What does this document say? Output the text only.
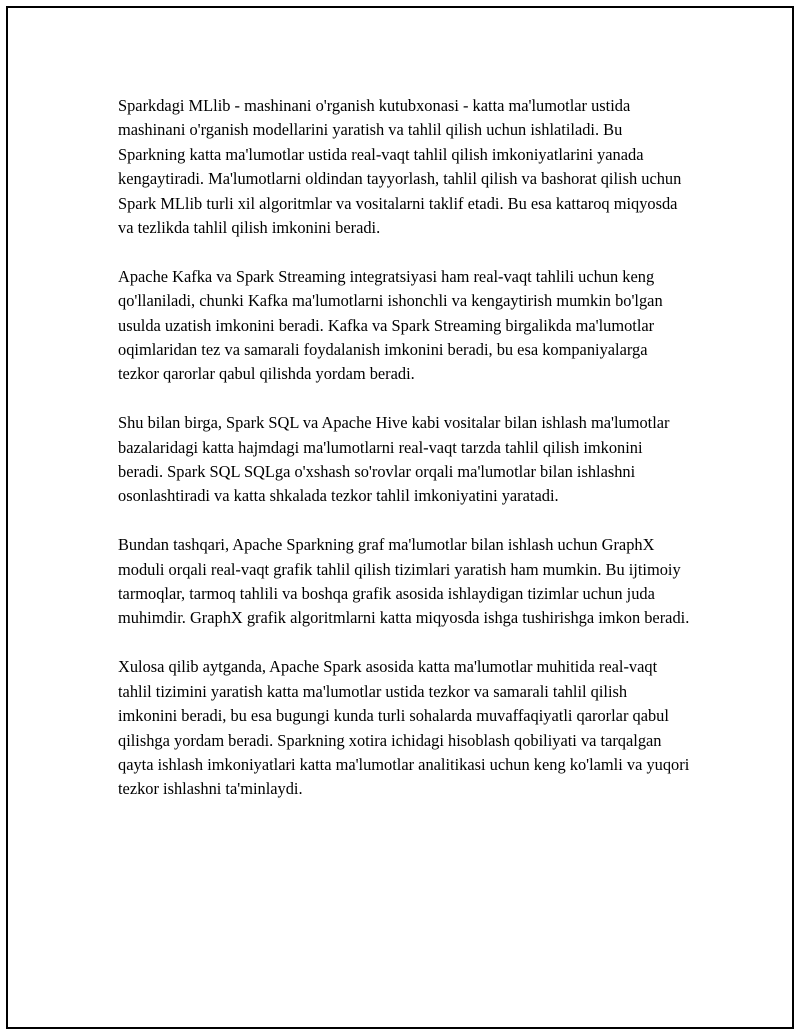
Sparkdagi MLlib - mashinani o'rganish kutubxonasi - katta ma'lumotlar ustida mashinani o'rganish modellarini yaratish va tahlil qilish uchun ishlatiladi. Bu Sparkning katta ma'lumotlar ustida real-vaqt tahlil qilish imkoniyatlarini yanada kengaytiradi. Ma'lumotlarni oldindan tayyorlash, tahlil qilish va bashorat qilish uchun Spark MLlib turli xil algoritmlar va vositalarni taklif etadi. Bu esa kattaroq miqyosda va tezlikda tahlil qilish imkonini beradi.

Apache Kafka va Spark Streaming integratsiyasi ham real-vaqt tahlili uchun keng qo'llaniladi, chunki Kafka ma'lumotlarni ishonchli va kengaytirish mumkin bo'lgan usulda uzatish imkonini beradi. Kafka va Spark Streaming birgalikda ma'lumotlar oqimlaridan tez va samarali foydalanish imkonini beradi, bu esa kompaniyalarga tezkor qarorlar qabul qilishda yordam beradi.

Shu bilan birga, Spark SQL va Apache Hive kabi vositalar bilan ishlash ma'lumotlar bazalaridagi katta hajmdagi ma'lumotlarni real-vaqt tarzda tahlil qilish imkonini beradi. Spark SQL SQLga o'xshash so'rovlar orqali ma'lumotlar bilan ishlashni osonlashtiradi va katta shkalada tezkor tahlil imkoniyatini yaratadi.

Bundan tashqari, Apache Sparkning graf ma'lumotlar bilan ishlash uchun GraphX moduli orqali real-vaqt grafik tahlil qilish tizimlari yaratish ham mumkin. Bu ijtimoiy tarmoqlar, tarmoq tahlili va boshqa grafik asosida ishlaydigan tizimlar uchun juda muhimdir. GraphX grafik algoritmlarni katta miqyosda ishga tushirishga imkon beradi.

Xulosa qilib aytganda, Apache Spark asosida katta ma'lumotlar muhitida real-vaqt tahlil tizimini yaratish katta ma'lumotlar ustida tezkor va samarali tahlil qilish imkonini beradi, bu esa bugungi kunda turli sohalarda muvaffaqiyatli qarorlar qabul qilishga yordam beradi. Sparkning xotira ichidagi hisoblash qobiliyati va tarqalgan qayta ishlash imkoniyatlari katta ma'lumotlar analitikasi uchun keng ko'lamli va yuqori tezkor ishlashni ta'minlaydi.
